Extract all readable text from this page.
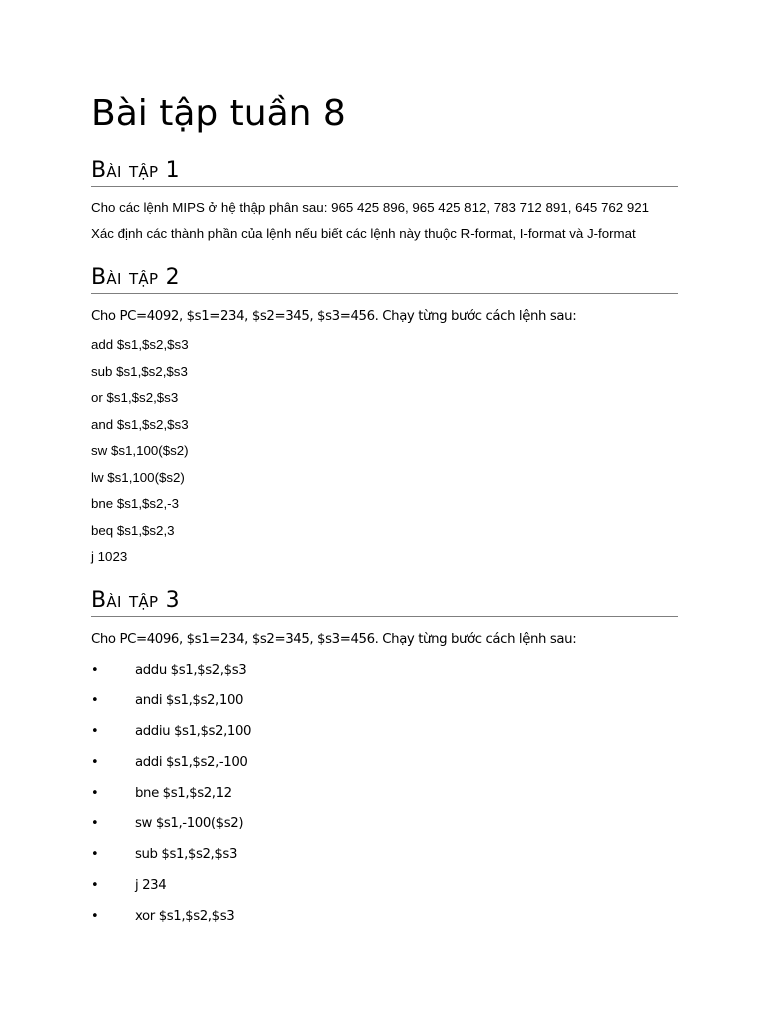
Bài tập tuần 8
Bài tập 1
Cho các lệnh MIPS ở hệ thập phân sau: 965 425 896, 965 425 812, 783 712 891, 645 762 921
Xác định các thành phần của lệnh nếu biết các lệnh này thuộc R-format, I-format và J-format
Bài tập 2
Cho PC=4092, $s1=234, $s2=345, $s3=456. Chạy từng bước cách lệnh sau:
add $s1,$s2,$s3
sub $s1,$s2,$s3
or $s1,$s2,$s3
and $s1,$s2,$s3
sw $s1,100($s2)
lw $s1,100($s2)
bne $s1,$s2,-3
beq $s1,$s2,3
j 1023
Bài tập 3
Cho PC=4096, $s1=234, $s2=345, $s3=456. Chạy từng bước cách lệnh sau:
•	addu $s1,$s2,$s3
•	andi $s1,$s2,100
•	addiu $s1,$s2,100
•	addi $s1,$s2,-100
•	bne $s1,$s2,12
•	sw $s1,-100($s2)
•	sub $s1,$s2,$s3
•	j 234
•	xor $s1,$s2,$s3
